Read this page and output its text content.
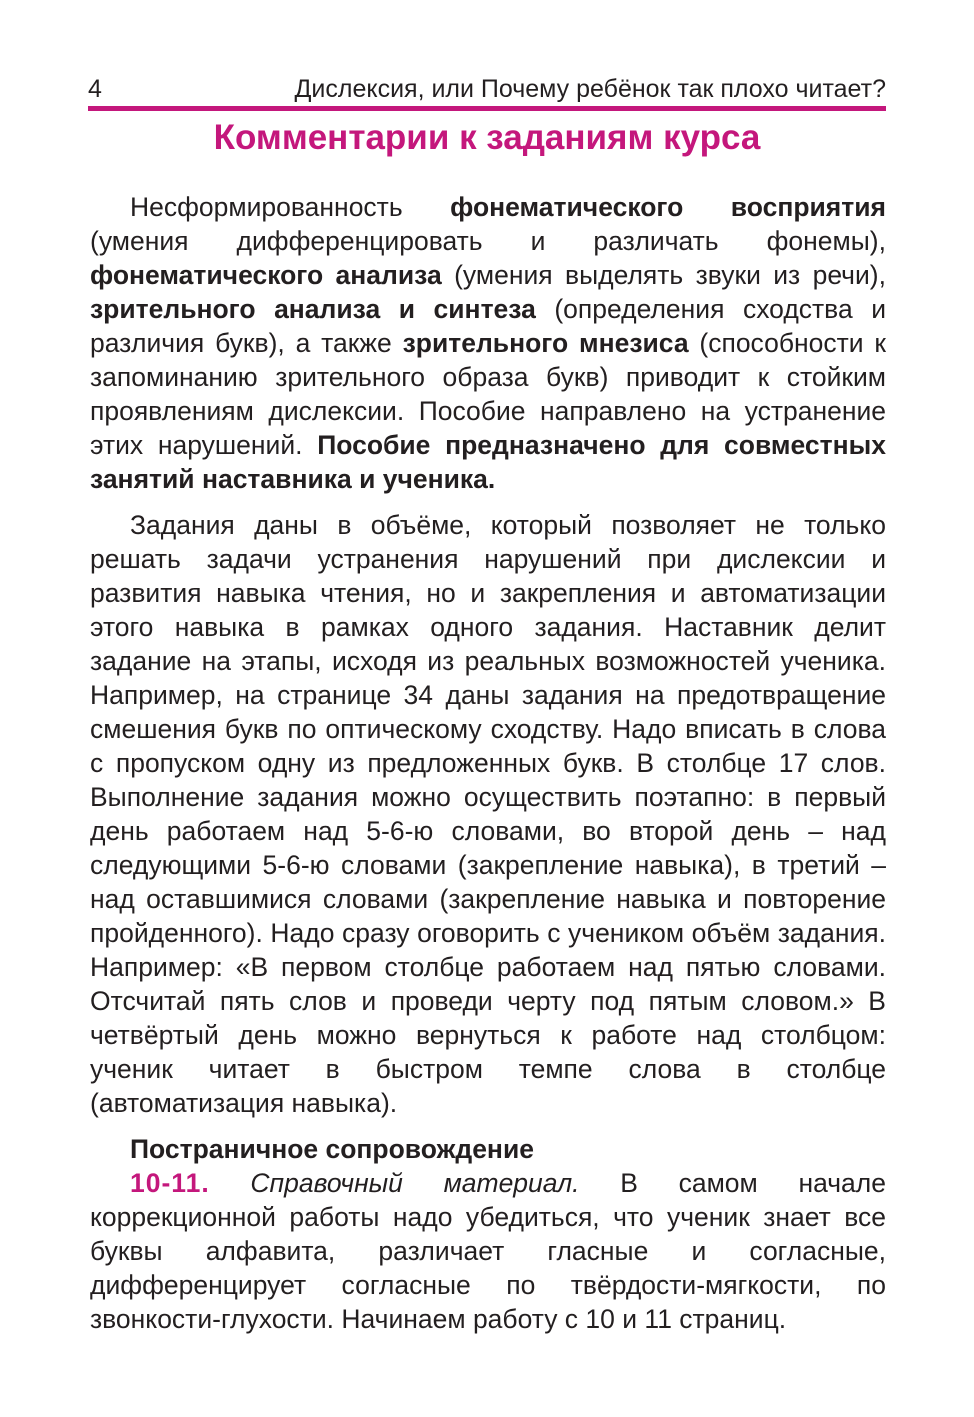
4	Дислексия, или Почему ребёнок так плохо читает?
Комментарии к заданиям курса

Несформированность фонематического восприятия (умения дифференцировать и различать фонемы), фонематического анализа (умения выделять звуки из речи), зрительного анализа и синтеза (определения сходства и различия букв), а также зрительного мнезиса (способности к запоминанию зрительного образа букв) приводит к стойким проявлениям дислексии. Пособие направлено на устранение этих нарушений. Пособие предназначено для совместных занятий наставника и ученика.

Задания даны в объёме, который позволяет не только решать задачи устранения нарушений при дислексии и развития навыка чтения, но и закрепления и автоматизации этого навыка в рамках одного задания. Наставник делит задание на этапы, исходя из реальных возможностей ученика. Например, на странице 34 даны задания на предотвращение смешения букв по оптическому сходству. Надо вписать в слова с пропуском одну из предложенных букв. В столбце 17 слов. Выполнение задания можно осуществить поэтапно: в первый день работаем над 5-6-ю словами, во второй день – над следующими 5-6-ю словами (закрепление навыка), в третий – над оставшимися словами (закрепление навыка и повторение пройденного). Надо сразу оговорить с учеником объём задания. Например: «В первом столбце работаем над пятью словами. Отсчитай пять слов и проведи черту под пятым словом.» В четвёртый день можно вернуться к работе над столбцом: ученик читает в быстром темпе слова в столбце (автоматизация навыка).

Постраничное сопровождение

10-11. Справочный материал. В самом начале коррекционной работы надо убедиться, что ученик знает все буквы алфавита, различает гласные и согласные, дифференцирует согласные по твёрдости-мягкости, по звонкости-глухости. Начинаем работу с 10 и 11 страниц.
